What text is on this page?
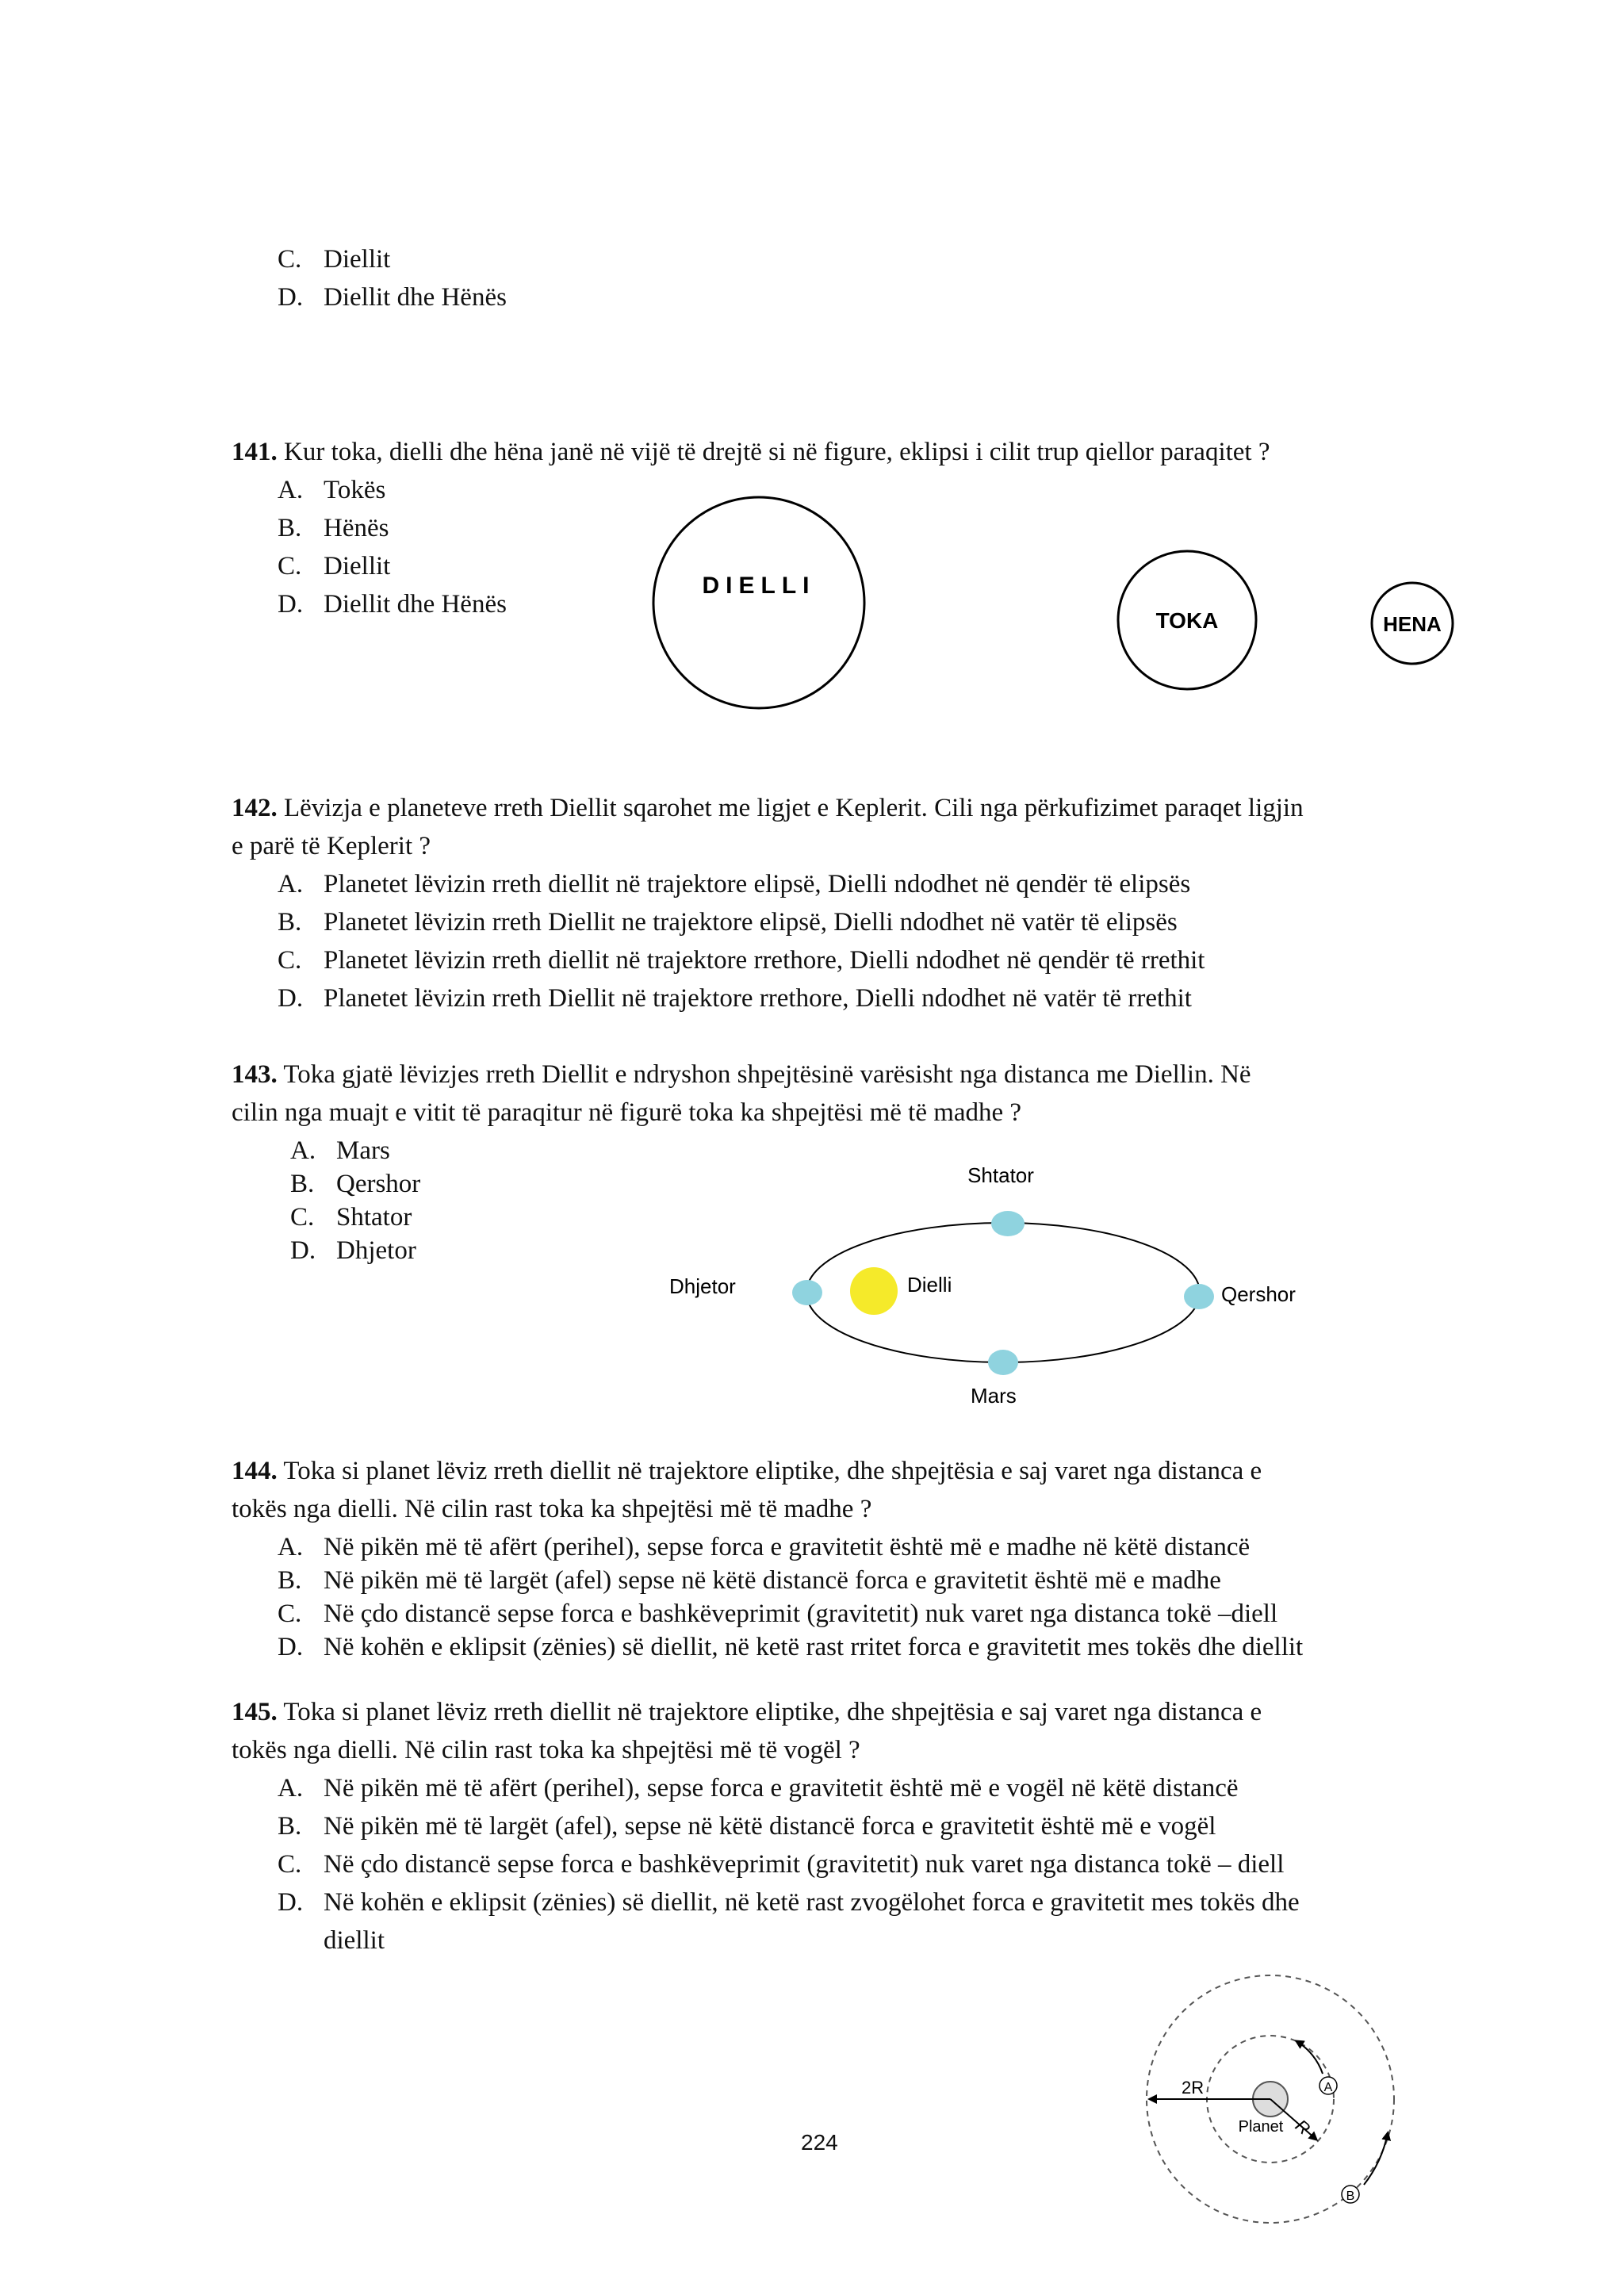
C. Diellit
D. Diellit dhe Hënës
141. Kur toka, dielli dhe hëna janë në vijë të drejtë si në figure, eklipsi i cilit trup qiellor paraqitet ?
A. Tokës
B. Hënës
C. Diellit
D. Diellit dhe Hënës
DIELLI
TOKA	HENA
142. Lëvizja e planeteve rreth Diellit sqarohet me ligjet e Keplerit. Cili nga përkufizimet paraqet ligjin
e parë të Keplerit ?
A. Planetet lëvizin rreth diellit në trajektore elipsë, Dielli ndodhet në qendër të elipsës
B. Planetet lëvizin rreth Diellit ne trajektore elipsë, Dielli ndodhet në vatër të elipsës
C. Planetet lëvizin rreth diellit në trajektore rrethore, Dielli ndodhet në qendër të rrethit
D. Planetet lëvizin rreth Diellit në trajektore rrethore, Dielli ndodhet në vatër të rrethit
143. Toka gjatë lëvizjes rreth Diellit e ndryshon shpejtësinë varësisht nga distanca me Diellin. Në
cilin nga muajt e vitit të paraqitur në figurë toka ka shpejtësi më të madhe ?
A. Mars
B. Qershor
C. Shtator
D. Dhjetor
Shtator
Dhjetor	Dielli	Qershor
Mars
144. Toka si planet lëviz rreth diellit në trajektore eliptike, dhe shpejtësia e saj varet nga distanca e
tokës nga dielli. Në cilin rast toka ka shpejtësi më të madhe ?
A. Në pikën më të afërt (perihel), sepse forca e gravitetit është më e madhe në këtë distancë
B. Në pikën më të largët (afel) sepse në këtë distancë forca e gravitetit është më e madhe
C. Në çdo distancë sepse forca e bashkëveprimit (gravitetit) nuk varet nga distanca tokë –diell
D. Në kohën e eklipsit (zënies) së diellit, në ketë rast rritet forca e gravitetit mes tokës dhe diellit
145. Toka si planet lëviz rreth diellit në trajektore eliptike, dhe shpejtësia e saj varet nga distanca e
tokës nga dielli. Në cilin rast toka ka shpejtësi më të vogël ?
A. Në pikën më të afërt (perihel), sepse forca e gravitetit është më e vogël në këtë distancë
B. Në pikën më të largët (afel), sepse në këtë distancë forca e gravitetit është më e vogël
C. Në çdo distancë sepse forca e bashkëveprimit (gravitetit) nuk varet nga distanca tokë – diell
D. Në kohën e eklipsit (zënies) së diellit, në ketë rast zvogëlohet forca e gravitetit mes tokës dhe
diellit
224
Planet
2R
R
A
B
